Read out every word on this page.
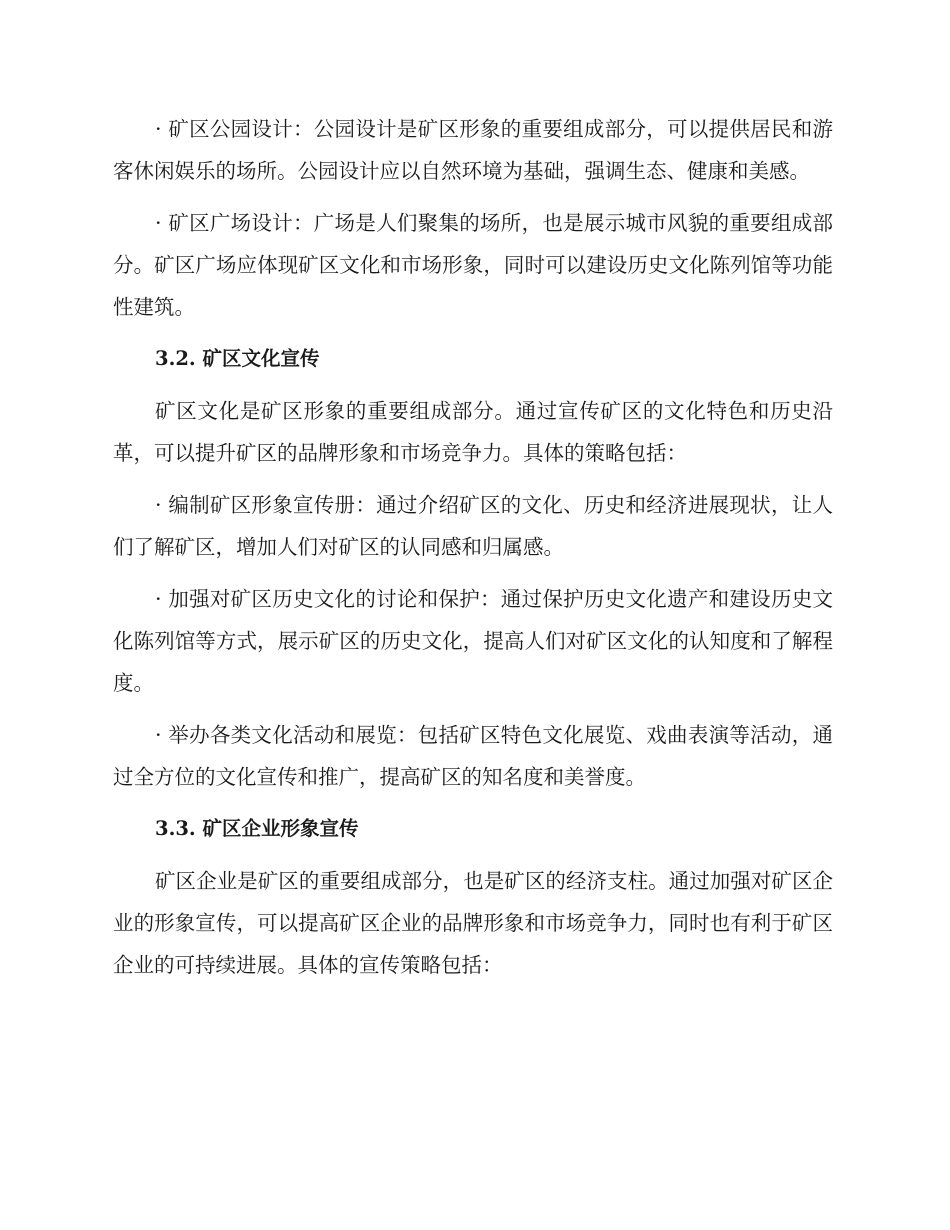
· 矿区公园设计：公园设计是矿区形象的重要组成部分，可以提供居民和游客休闲娱乐的场所。公园设计应以自然环境为基础，强调生态、健康和美感。

· 矿区广场设计：广场是人们聚集的场所，也是展示城市风貌的重要组成部分。矿区广场应体现矿区文化和市场形象，同时可以建设历史文化陈列馆等功能性建筑。

3.2. 矿区文化宣传

矿区文化是矿区形象的重要组成部分。通过宣传矿区的文化特色和历史沿革，可以提升矿区的品牌形象和市场竞争力。具体的策略包括：

· 编制矿区形象宣传册：通过介绍矿区的文化、历史和经济进展现状，让人们了解矿区，增加人们对矿区的认同感和归属感。

· 加强对矿区历史文化的讨论和保护：通过保护历史文化遗产和建设历史文化陈列馆等方式，展示矿区的历史文化，提高人们对矿区文化的认知度和了解程度。

· 举办各类文化活动和展览：包括矿区特色文化展览、戏曲表演等活动，通过全方位的文化宣传和推广，提高矿区的知名度和美誉度。

3.3. 矿区企业形象宣传

矿区企业是矿区的重要组成部分，也是矿区的经济支柱。通过加强对矿区企业的形象宣传，可以提高矿区企业的品牌形象和市场竞争力，同时也有利于矿区企业的可持续进展。具体的宣传策略包括：
